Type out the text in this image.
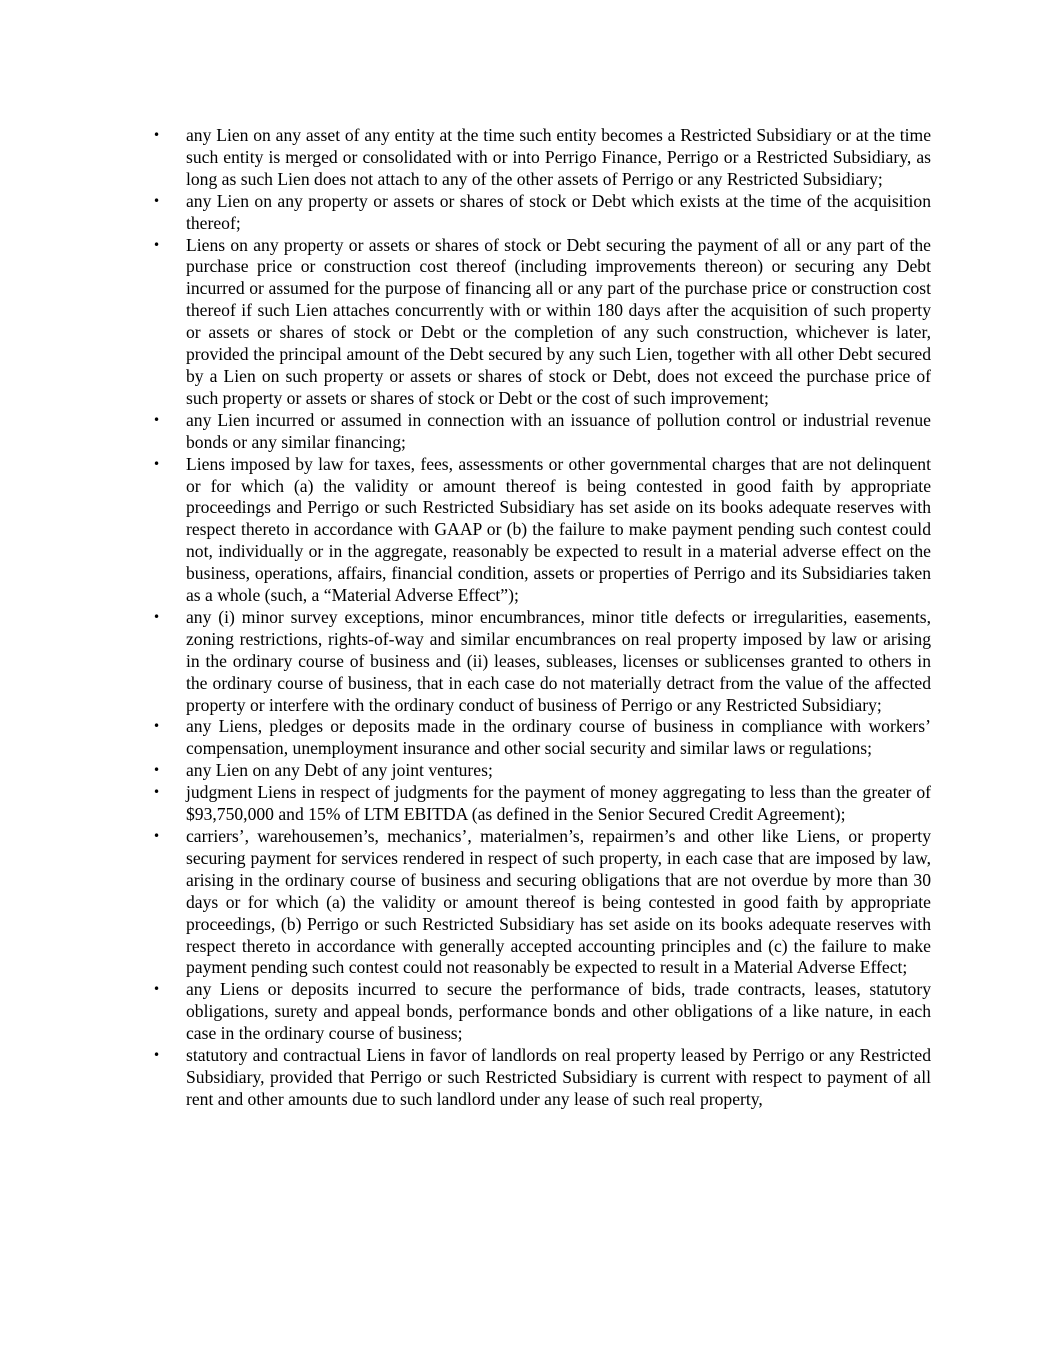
•	any Lien on any asset of any entity at the time such entity becomes a Restricted Subsidiary or at the time such entity is merged or consolidated with or into Perrigo Finance, Perrigo or a Restricted Subsidiary, as long as such Lien does not attach to any of the other assets of Perrigo or any Restricted Subsidiary;
•	any Lien on any property or assets or shares of stock or Debt which exists at the time of the acquisition thereof;
•	Liens on any property or assets or shares of stock or Debt securing the payment of all or any part of the purchase price or construction cost thereof (including improvements thereon) or securing any Debt incurred or assumed for the purpose of financing all or any part of the purchase price or construction cost thereof if such Lien attaches concurrently with or within 180 days after the acquisition of such property or assets or shares of stock or Debt or the completion of any such construction, whichever is later, provided the principal amount of the Debt secured by any such Lien, together with all other Debt secured by a Lien on such property or assets or shares of stock or Debt, does not exceed the purchase price of such property or assets or shares of stock or Debt or the cost of such improvement;
•	any Lien incurred or assumed in connection with an issuance of pollution control or industrial revenue bonds or any similar financing;
•	Liens imposed by law for taxes, fees, assessments or other governmental charges that are not delinquent or for which (a) the validity or amount thereof is being contested in good faith by appropriate proceedings and Perrigo or such Restricted Subsidiary has set aside on its books adequate reserves with respect thereto in accordance with GAAP or (b) the failure to make payment pending such contest could not, individually or in the aggregate, reasonably be expected to result in a material adverse effect on the business, operations, affairs, financial condition, assets or properties of Perrigo and its Subsidiaries taken as a whole (such, a “Material Adverse Effect”);
•	any (i) minor survey exceptions, minor encumbrances, minor title defects or irregularities, easements, zoning restrictions, rights-of-way and similar encumbrances on real property imposed by law or arising in the ordinary course of business and (ii) leases, subleases, licenses or sublicenses granted to others in the ordinary course of business, that in each case do not materially detract from the value of the affected property or interfere with the ordinary conduct of business of Perrigo or any Restricted Subsidiary;
•	any Liens, pledges or deposits made in the ordinary course of business in compliance with workers’ compensation, unemployment insurance and other social security and similar laws or regulations;
•	any Lien on any Debt of any joint ventures;
•	judgment Liens in respect of judgments for the payment of money aggregating to less than the greater of $93,750,000 and 15% of LTM EBITDA (as defined in the Senior Secured Credit Agreement);
•	carriers’, warehousemen’s, mechanics’, materialmen’s, repairmen’s and other like Liens, or property securing payment for services rendered in respect of such property, in each case that are imposed by law, arising in the ordinary course of business and securing obligations that are not overdue by more than 30 days or for which (a) the validity or amount thereof is being contested in good faith by appropriate proceedings, (b) Perrigo or such Restricted Subsidiary has set aside on its books adequate reserves with respect thereto in accordance with generally accepted accounting principles and (c) the failure to make payment pending such contest could not reasonably be expected to result in a Material Adverse Effect;
•	any Liens or deposits incurred to secure the performance of bids, trade contracts, leases, statutory obligations, surety and appeal bonds, performance bonds and other obligations of a like nature, in each case in the ordinary course of business;
•	statutory and contractual Liens in favor of landlords on real property leased by Perrigo or any Restricted Subsidiary, provided that Perrigo or such Restricted Subsidiary is current with respect to payment of all rent and other amounts due to such landlord under any lease of such real property,
